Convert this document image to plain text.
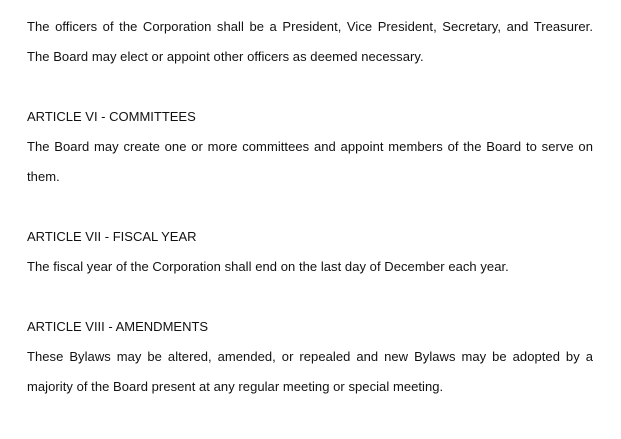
The officers of the Corporation shall be a President, Vice President, Secretary, and Treasurer. The Board may elect or appoint other officers as deemed necessary.

ARTICLE VI - COMMITTEES

The Board may create one or more committees and appoint members of the Board to serve on them.

ARTICLE VII - FISCAL YEAR

The fiscal year of the Corporation shall end on the last day of December each year.

ARTICLE VIII - AMENDMENTS

These Bylaws may be altered, amended, or repealed and new Bylaws may be adopted by a majority of the Board present at any regular meeting or special meeting.
